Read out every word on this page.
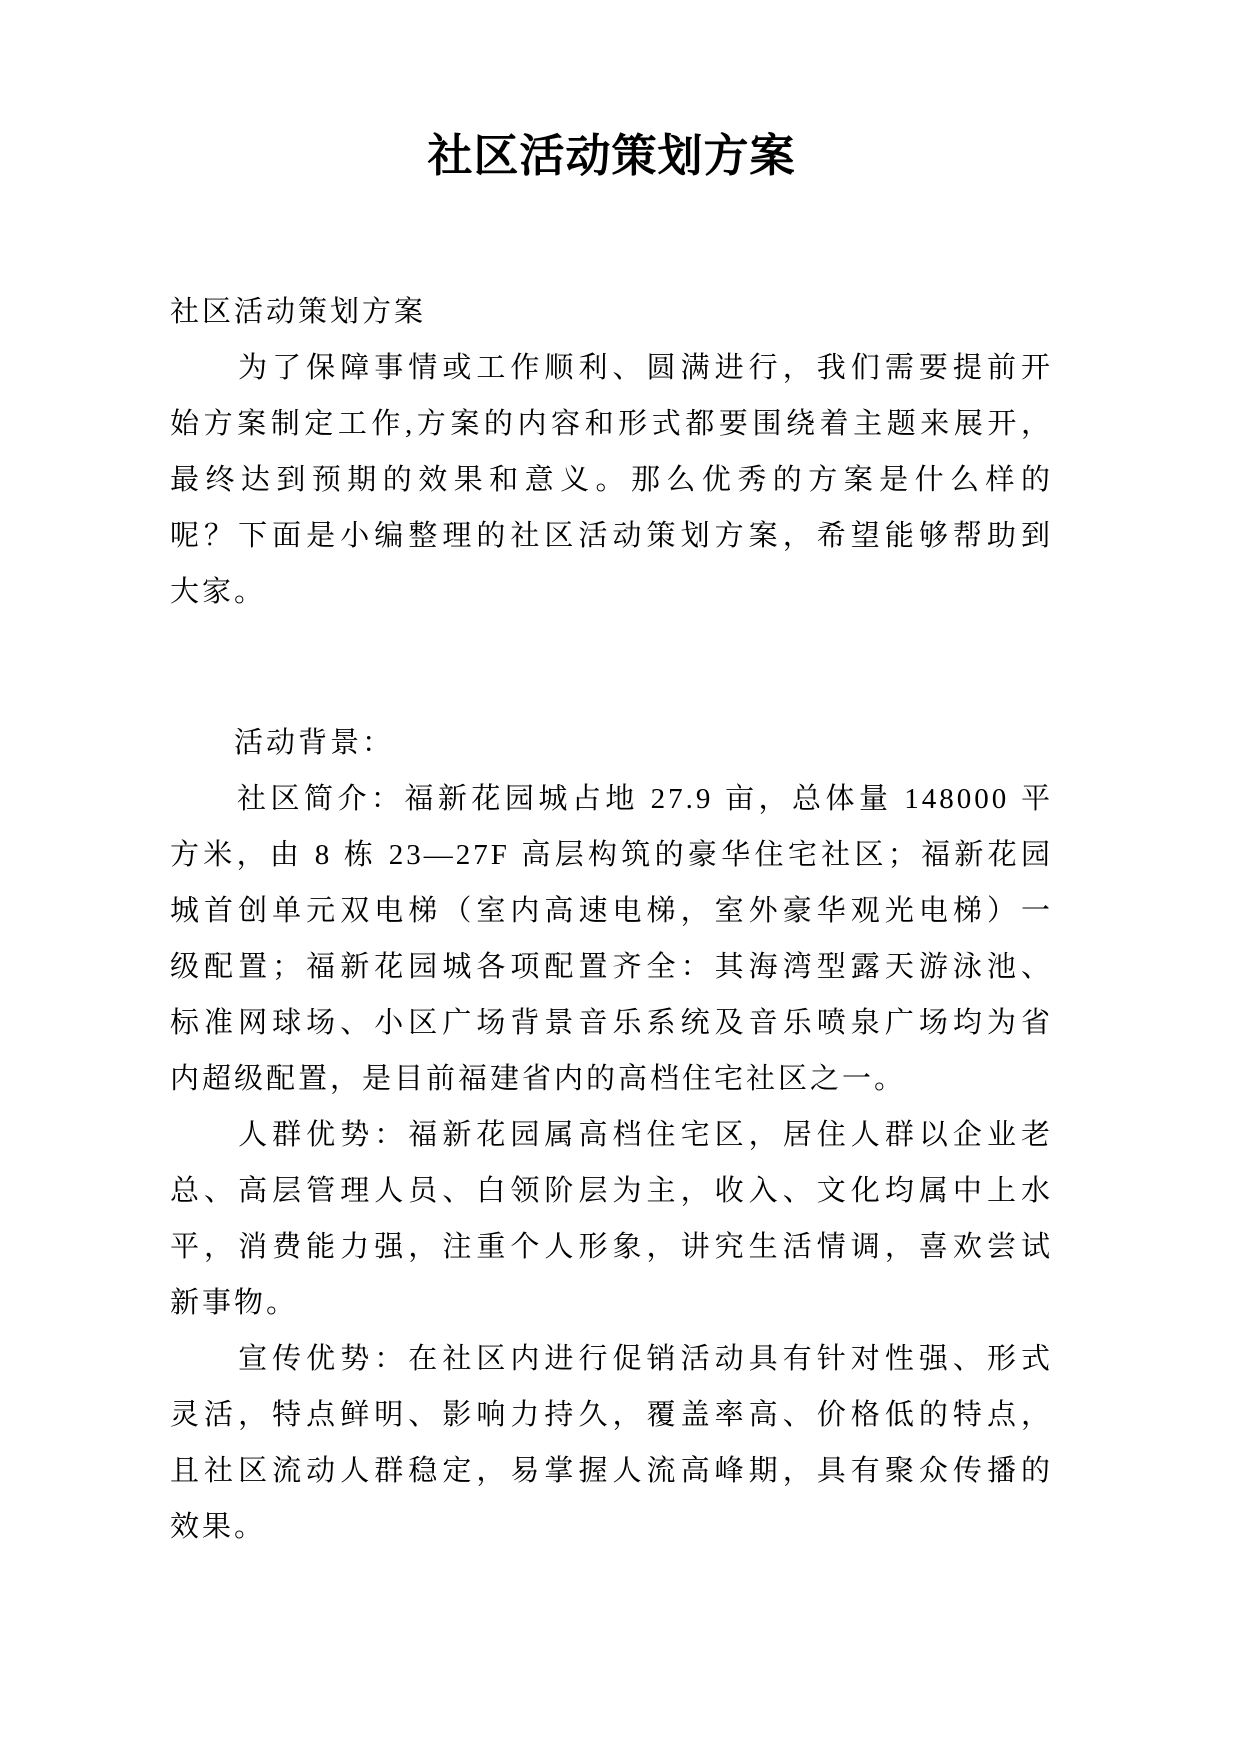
社区活动策划方案
社区活动策划方案
　　为了保障事情或工作顺利、圆满进行，我们需要提前开
始方案制定工作,方案的内容和形式都要围绕着主题来展开，
最终达到预期的效果和意义。那么优秀的方案是什么样的
呢？下面是小编整理的社区活动策划方案，希望能够帮助到
大家。
　　活动背景：
　　社区简介：福新花园城占地 27.9 亩，总体量 148000 平
方米，由 8 栋 23—27F 高层构筑的豪华住宅社区；福新花园
城首创单元双电梯（室内高速电梯，室外豪华观光电梯）一
级配置；福新花园城各项配置齐全：其海湾型露天游泳池、
标准网球场、小区广场背景音乐系统及音乐喷泉广场均为省
内超级配置，是目前福建省内的高档住宅社区之一。
　　人群优势：福新花园属高档住宅区，居住人群以企业老
总、高层管理人员、白领阶层为主，收入、文化均属中上水
平，消费能力强，注重个人形象，讲究生活情调，喜欢尝试
新事物。
　　宣传优势：在社区内进行促销活动具有针对性强、形式
灵活，特点鲜明、影响力持久，覆盖率高、价格低的特点，
且社区流动人群稳定，易掌握人流高峰期，具有聚众传播的
效果。
